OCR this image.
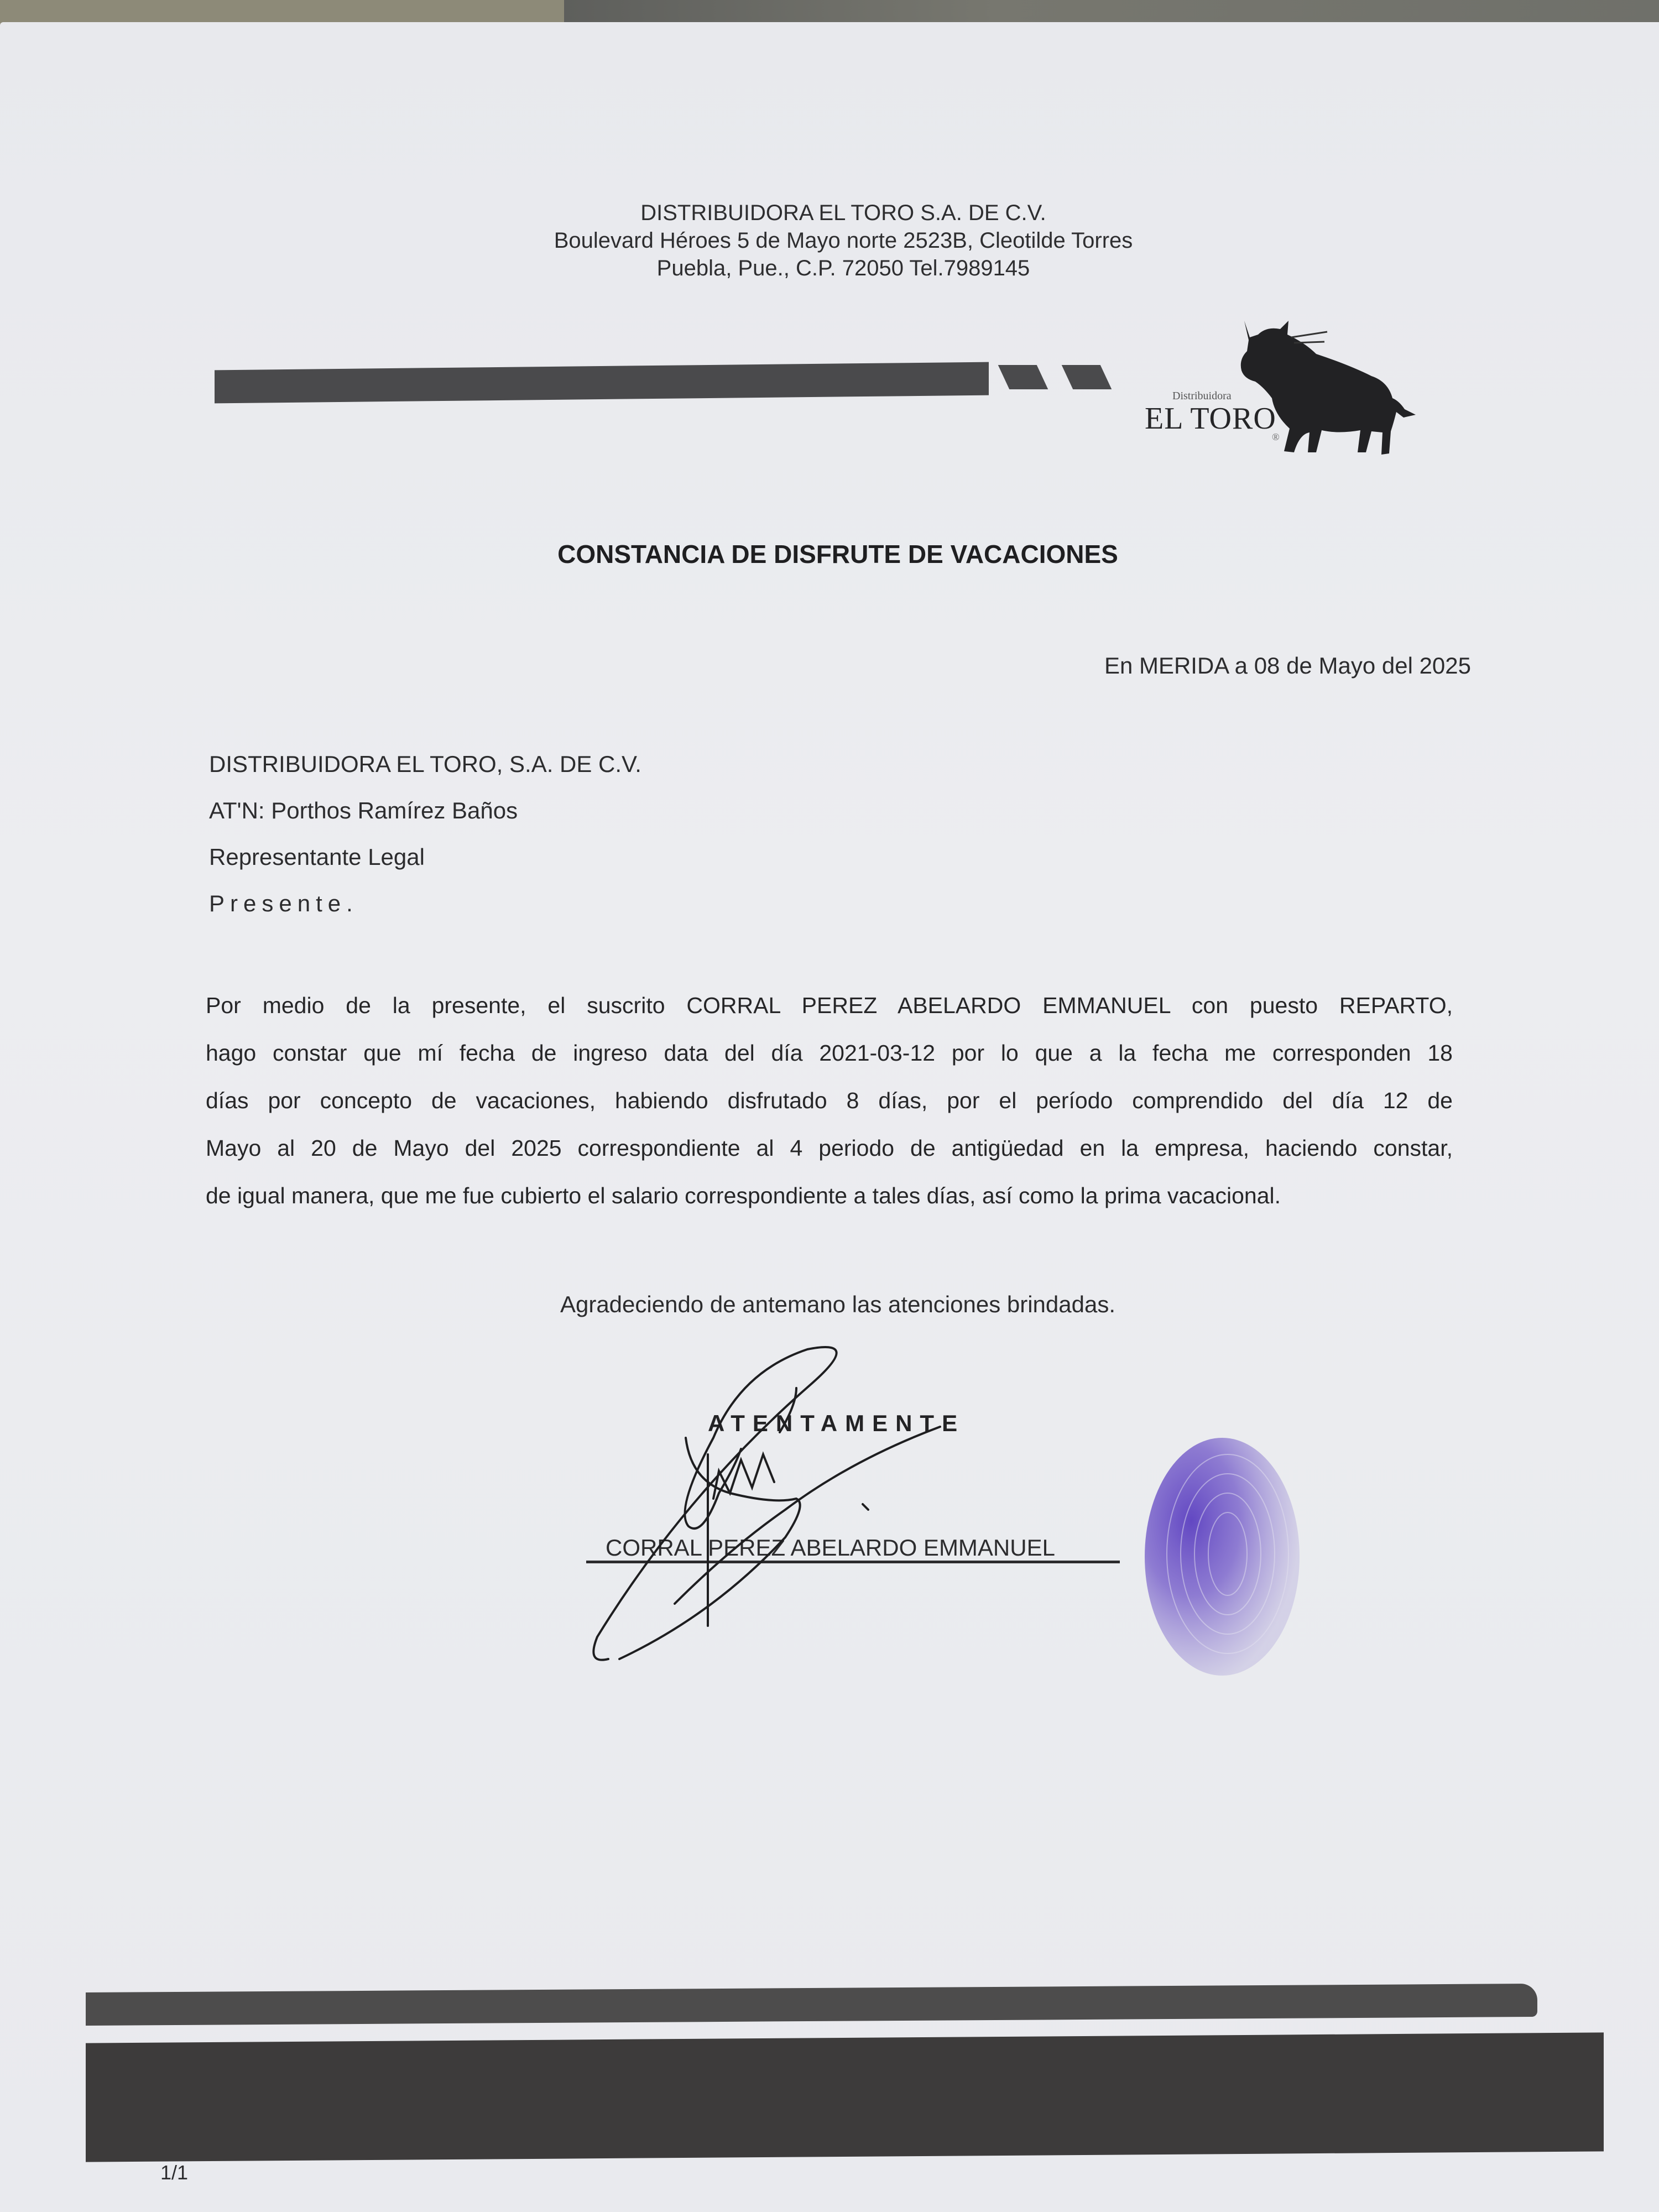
DISTRIBUIDORA EL TORO S.A. DE C.V.
Boulevard Héroes 5 de Mayo norte 2523B, Cleotilde Torres
Puebla, Pue., C.P. 72050 Tel.7989145
Distribuidora
EL TORO
®
CONSTANCIA DE DISFRUTE DE VACACIONES
En MERIDA a 08 de Mayo del 2025
DISTRIBUIDORA EL TORO, S.A. DE C.V.
AT'N: Porthos Ramírez Baños
Representante Legal
Presente.
Por medio de la presente, el suscrito CORRAL PEREZ ABELARDO EMMANUEL con puesto REPARTO,
hago constar que mí fecha de ingreso data del día 2021-03-12 por lo que a la fecha me corresponden 18
días por concepto de vacaciones, habiendo disfrutado 8 días, por el período comprendido del día 12 de
Mayo al 20 de Mayo del 2025 correspondiente al 4 periodo de antigüedad en la empresa, haciendo constar,
de igual manera, que me fue cubierto el salario correspondiente a tales días, así como la prima vacacional.
Agradeciendo de antemano las atenciones brindadas.
ATENTAMENTE
CORRAL PEREZ ABELARDO EMMANUEL
1/1
